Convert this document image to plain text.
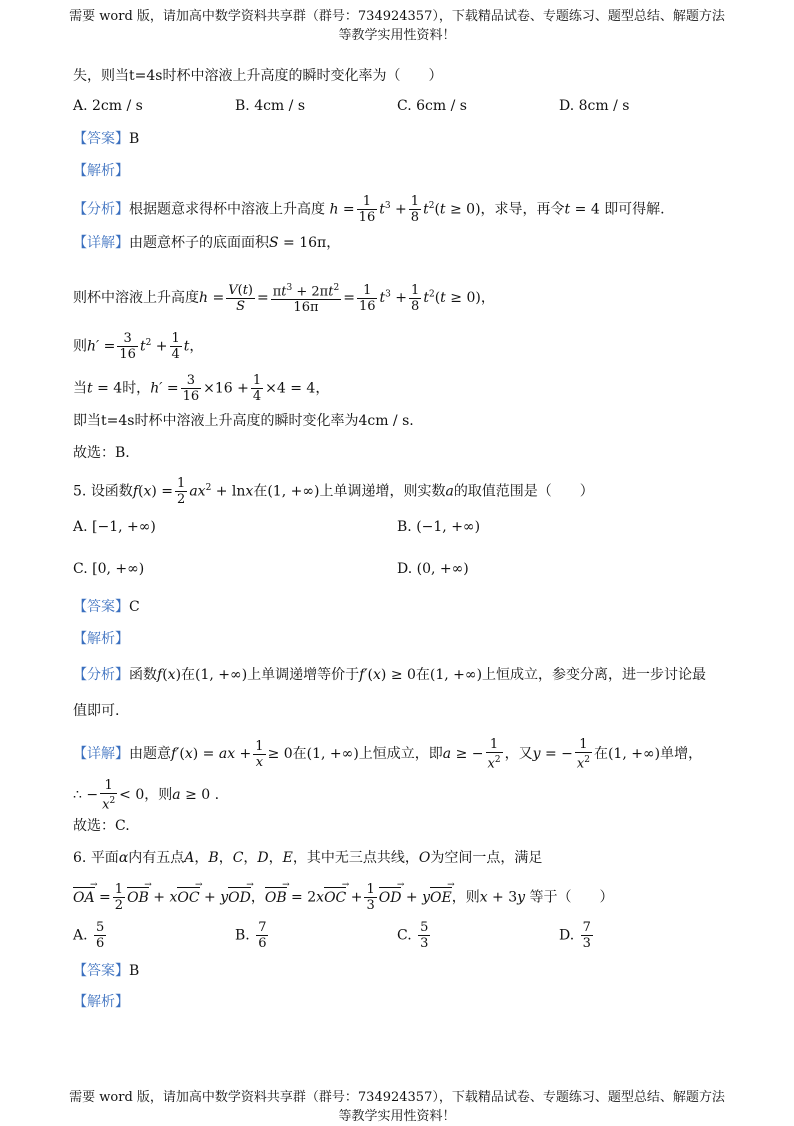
需要 word 版，请加高中数学资料共享群（群号：734924357），下载精品试卷、专题练习、题型总结、解题方法
等教学实用性资料！
失，则当t=4s时杯中溶液上升高度的瞬时变化率为（　　）
A. 2cm / s	B. 4cm / s	C. 6cm / s	D. 8cm / s
【答案】B
【解析】
【分析】根据题意求得杯中溶液上升高度 $h = \frac{1}{16} t^3 + \frac{1}{8} t^2(t \ge 0)$，求导，再令t = 4 即可得解.
【详解】由题意杯子的底面面积S = 16π，
则杯中溶液上升高度$h = \frac{V(t)}{S} = \frac{\pi t^3 + 2\pi t^2}{16\pi} = \frac{1}{16} t^3 + \frac{1}{8} t^2(t \ge 0)$，
则$h' = \frac{3}{16} t^2 + \frac{1}{4}$ t，
当t = 4时，$h' = \frac{3}{16} \times 16 + \frac{1}{4} \times 4 = 4$，
即当t=4s时杯中溶液上升高度的瞬时变化率为4cm / s.
故选：B.
5. 设函数$f(x) = \frac{1}{2} ax^2 + \ln x$在(1, +∞)上单调递增，则实数a的取值范围是（　　）
A. [−1, +∞)	B. (−1, +∞)
C. [0, +∞)	D. (0, +∞)
【答案】C
【解析】
【分析】函数f(x)在(1, +∞)上单调递增等价于f′(x) ≥ 0在(1, +∞)上恒成立，参变分离，进一步讨论最
值即可.
【详解】由题意f′(x) = ax + $\frac{1}{x} \ge 0$在(1, +∞)上恒成立，即a ≥ − $\frac{1}{x^2}$ ，又y = − $\frac{1}{x^2}$ 在(1, +∞)单增，
∴ − $\frac{1}{x^2} < 0$，则a ≥ 0 .
故选：C.
6. 平面α内有五点A，B，C，D，E，其中无三点共线，O为空间一点，满足
OA → = $\frac{1}{2}$ OB → + xOC → + yOD →，OB → = 2xOC → + $\frac{1}{3}$ OD → + yOE →，则x + 3y 等于（　　）
A. $\frac{5}{6}$	B. $\frac{7}{6}$	C. $\frac{5}{3}$	D. $\frac{7}{3}$
【答案】B
【解析】
需要 word 版，请加高中数学资料共享群（群号：734924357），下载精品试卷、专题练习、题型总结、解题方法
等教学实用性资料！
